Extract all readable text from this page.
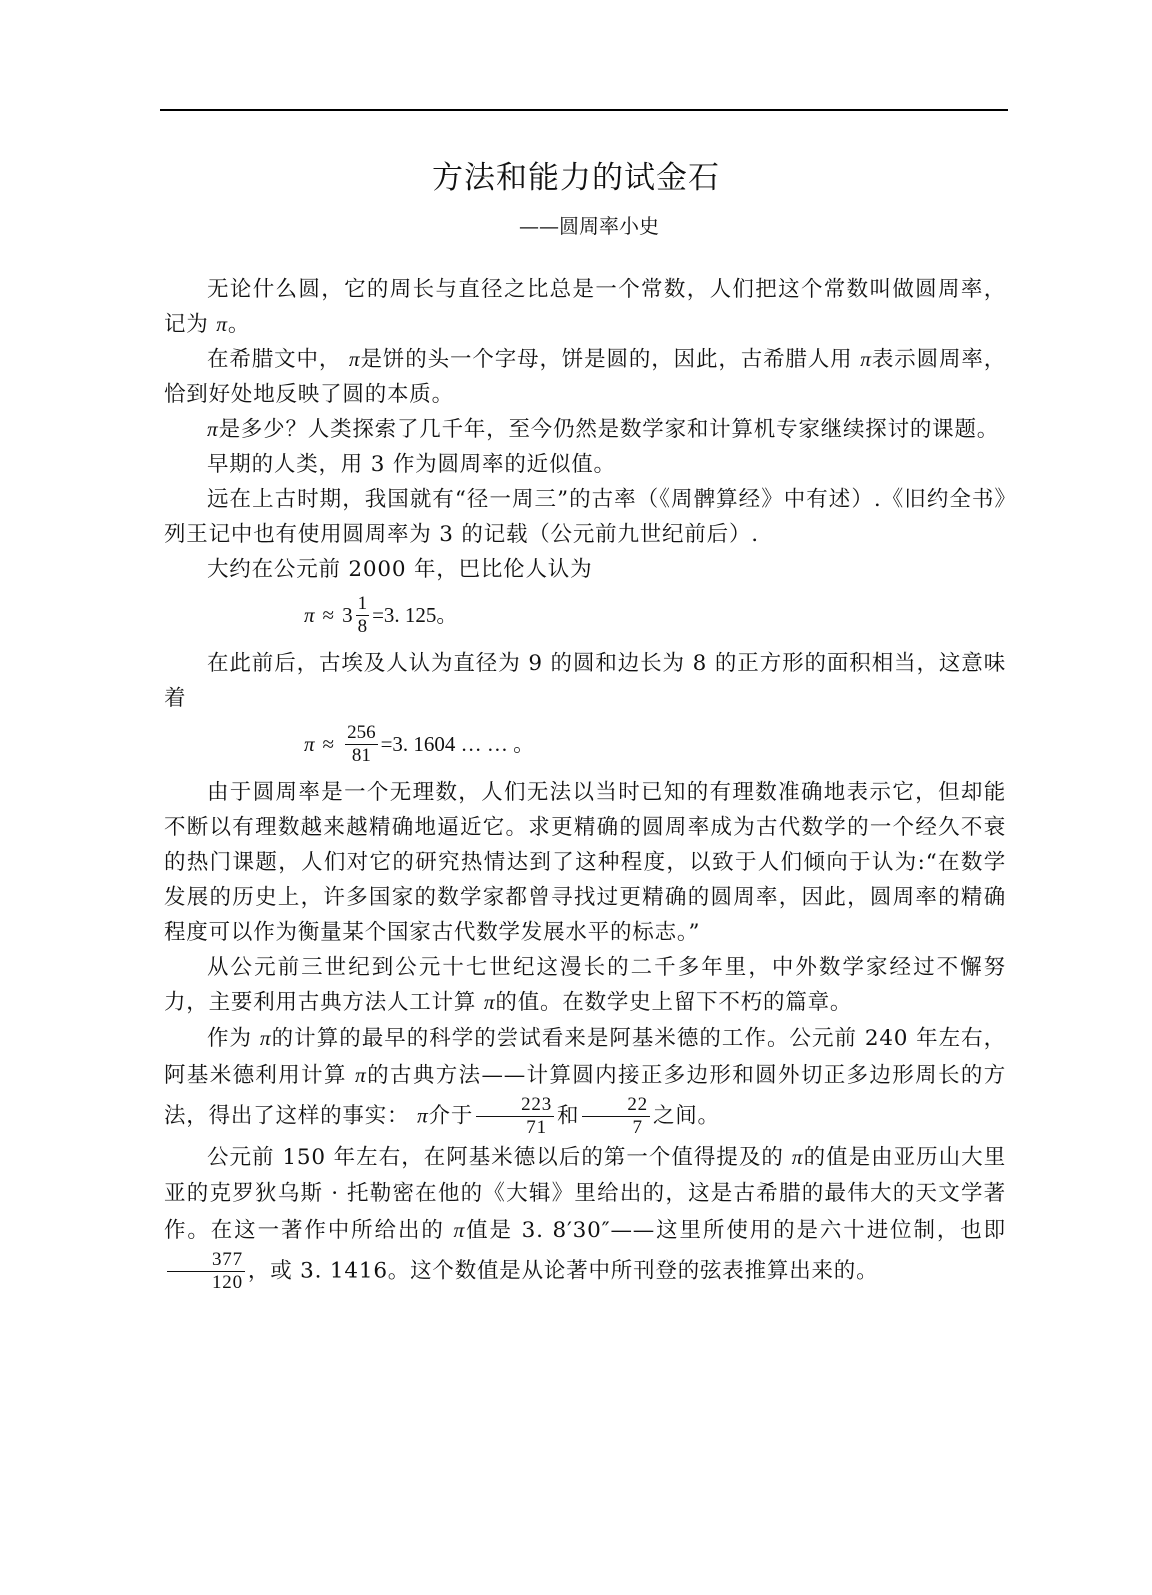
方法和能力的试金石
——圆周率小史

无论什么圆，它的周长与直径之比总是一个常数，人们把这个常数叫做圆周率，记为 π。

在希腊文中， π是饼的头一个字母，饼是圆的，因此，古希腊人用 π表示圆周率，恰到好处地反映了圆的本质。

π是多少？人类探索了几千年，至今仍然是数学家和计算机专家继续探讨的课题。

早期的人类，用 3 作为圆周率的近似值。

远在上古时期，我国就有“径一周三”的古率（《周髀算经》中有述）.《旧约全书》列王记中也有使用圆周率为 3 的记载（公元前九世纪前后）.

大约在公元前 2000 年，巴比伦人认为

$\pi \approx 3 \frac{1}{8} =3$. 125。

在此前后，古埃及人认为直径为 9 的圆和边长为 8 的正方形的面积相当，这意味着

$\pi \approx \frac{256}{81} =3$. 1604 … … 。

由于圆周率是一个无理数，人们无法以当时已知的有理数准确地表示它，但却能不断以有理数越来越精确地逼近它。求更精确的圆周率成为古代数学的一个经久不衰的热门课题，人们对它的研究热情达到了这种程度，以致于人们倾向于认为:“在数学发展的历史上，许多国家的数学家都曾寻找过更精确的圆周率，因此，圆周率的精确程度可以作为衡量某个国家古代数学发展水平的标志。”

从公元前三世纪到公元十七世纪这漫长的二千多年里，中外数学家经过不懈努力，主要利用古典方法人工计算 π的值。在数学史上留下不朽的篇章。

作为 π的计算的最早的科学的尝试看来是阿基米德的工作。公元前 240 年左右，阿基米德利用计算 π的古典方法——计算圆内接正多边形和圆外切正多边形周长的方法，得出了这样的事实： π介于 $\frac{223}{71}$ 和 $\frac{22}{7}$ 之间。

公元前 150 年左右，在阿基米德以后的第一个值得提及的 π的值是由亚历山大里亚的克罗狄乌斯 · 托勒密在他的《大辑》里给出的，这是古希腊的最伟大的天文学著作。在这一著作中所给出的 π值是 3. 8′30″——这里所使用的是六十进位制，也即
$\frac{377}{120}$ ，或 3. 1416。这个数值是从论著中所刊登的弦表推算出来的。
